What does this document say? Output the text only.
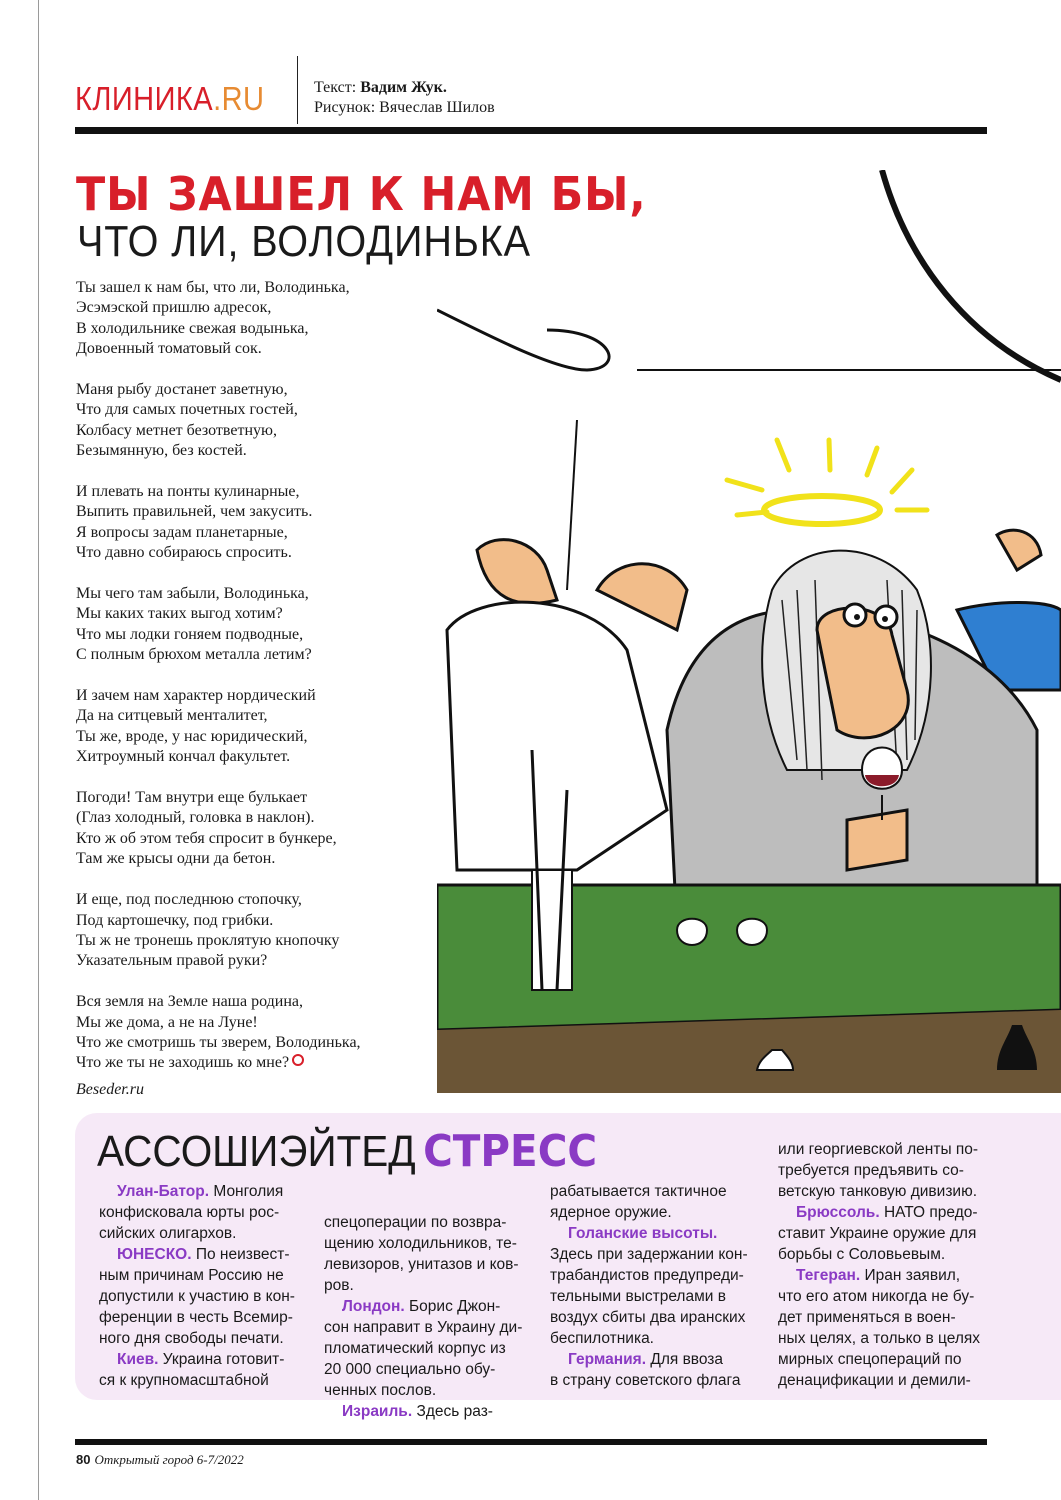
КЛИНИКА.RU	Текст: Вадим Жук.
Рисунок: Вячеслав Шилов
ТЫ ЗАШЕЛ К НАМ БЫ,
ЧТО ЛИ, ВОЛОДИНЬКА
Ты зашел к нам бы, что ли, Володинька,
Эсэмэской пришлю адресок,
В холодильнике свежая водынька,
Довоенный томатовый сок.
Маня рыбу достанет заветную,
Что для самых почетных гостей,
Колбасу метнет безответную,
Безымянную, без костей.
И плевать на понты кулинарные,
Выпить правильней, чем закусить.
Я вопросы задам планетарные,
Что давно собираюсь спросить.
Мы чего там забыли, Володинька,
Мы каких таких выгод хотим?
Что мы лодки гоняем подводные,
С полным брюхом металла летим?
И зачем нам характер нордический
Да на ситцевый менталитет,
Ты же, вроде, у нас юридический,
Хитроумный кончал факультет.
Погоди! Там внутри еще булькает
(Глаз холодный, головка в наклон).
Кто ж об этом тебя спросит в бункере,
Там же крысы одни да бетон.
И еще, под последнюю стопочку,
Под картошечку, под грибки.
Ты ж не тронешь проклятую кнопочку
Указательным правой руки?
Вся земля на Земле наша родина,
Мы же дома, а не на Луне!
Что же смотришь ты зверем, Володинька,
Что же ты не заходишь ко мне?
Beseder.ru
АССОШИЭЙТЕД СТРЕСС
Улан-Батор. Монголия
конфисковала юрты рос-
сийских олигархов.
ЮНЕСКО. По неизвест-
ным причинам Россию не
допустили к участию в кон-
ференции в честь Всемир-
ного дня свободы печати.
Киев. Украина готовит-
ся к крупномасштабной
спецоперации по возвра-
щению холодильников, те-
левизоров, унитазов и ков-
ров.
Лондон. Борис Джон-
сон направит в Украину ди-
пломатический корпус из
20 000 специально обу-
ченных послов.
Израиль. Здесь раз-
рабатывается тактичное
ядерное оружие.
Голанские высоты.
Здесь при задержании кон-
трабандистов предупреди-
тельными выстрелами в
воздух сбиты два иранских
беспилотника.
Германия. Для ввоза
в страну советского флага
или георгиевской ленты по-
требуется предъявить со-
ветскую танковую дивизию.
Брюссоль. НАТО предо-
ставит Украине оружие для
борьбы с Соловьевым.
Тегеран. Иран заявил,
что его атом никогда не бу-
дет применяться в воен-
ных целях, а только в целях
мирных спецопераций по
денацификации и демили-
80 Открытый город 6-7/2022
